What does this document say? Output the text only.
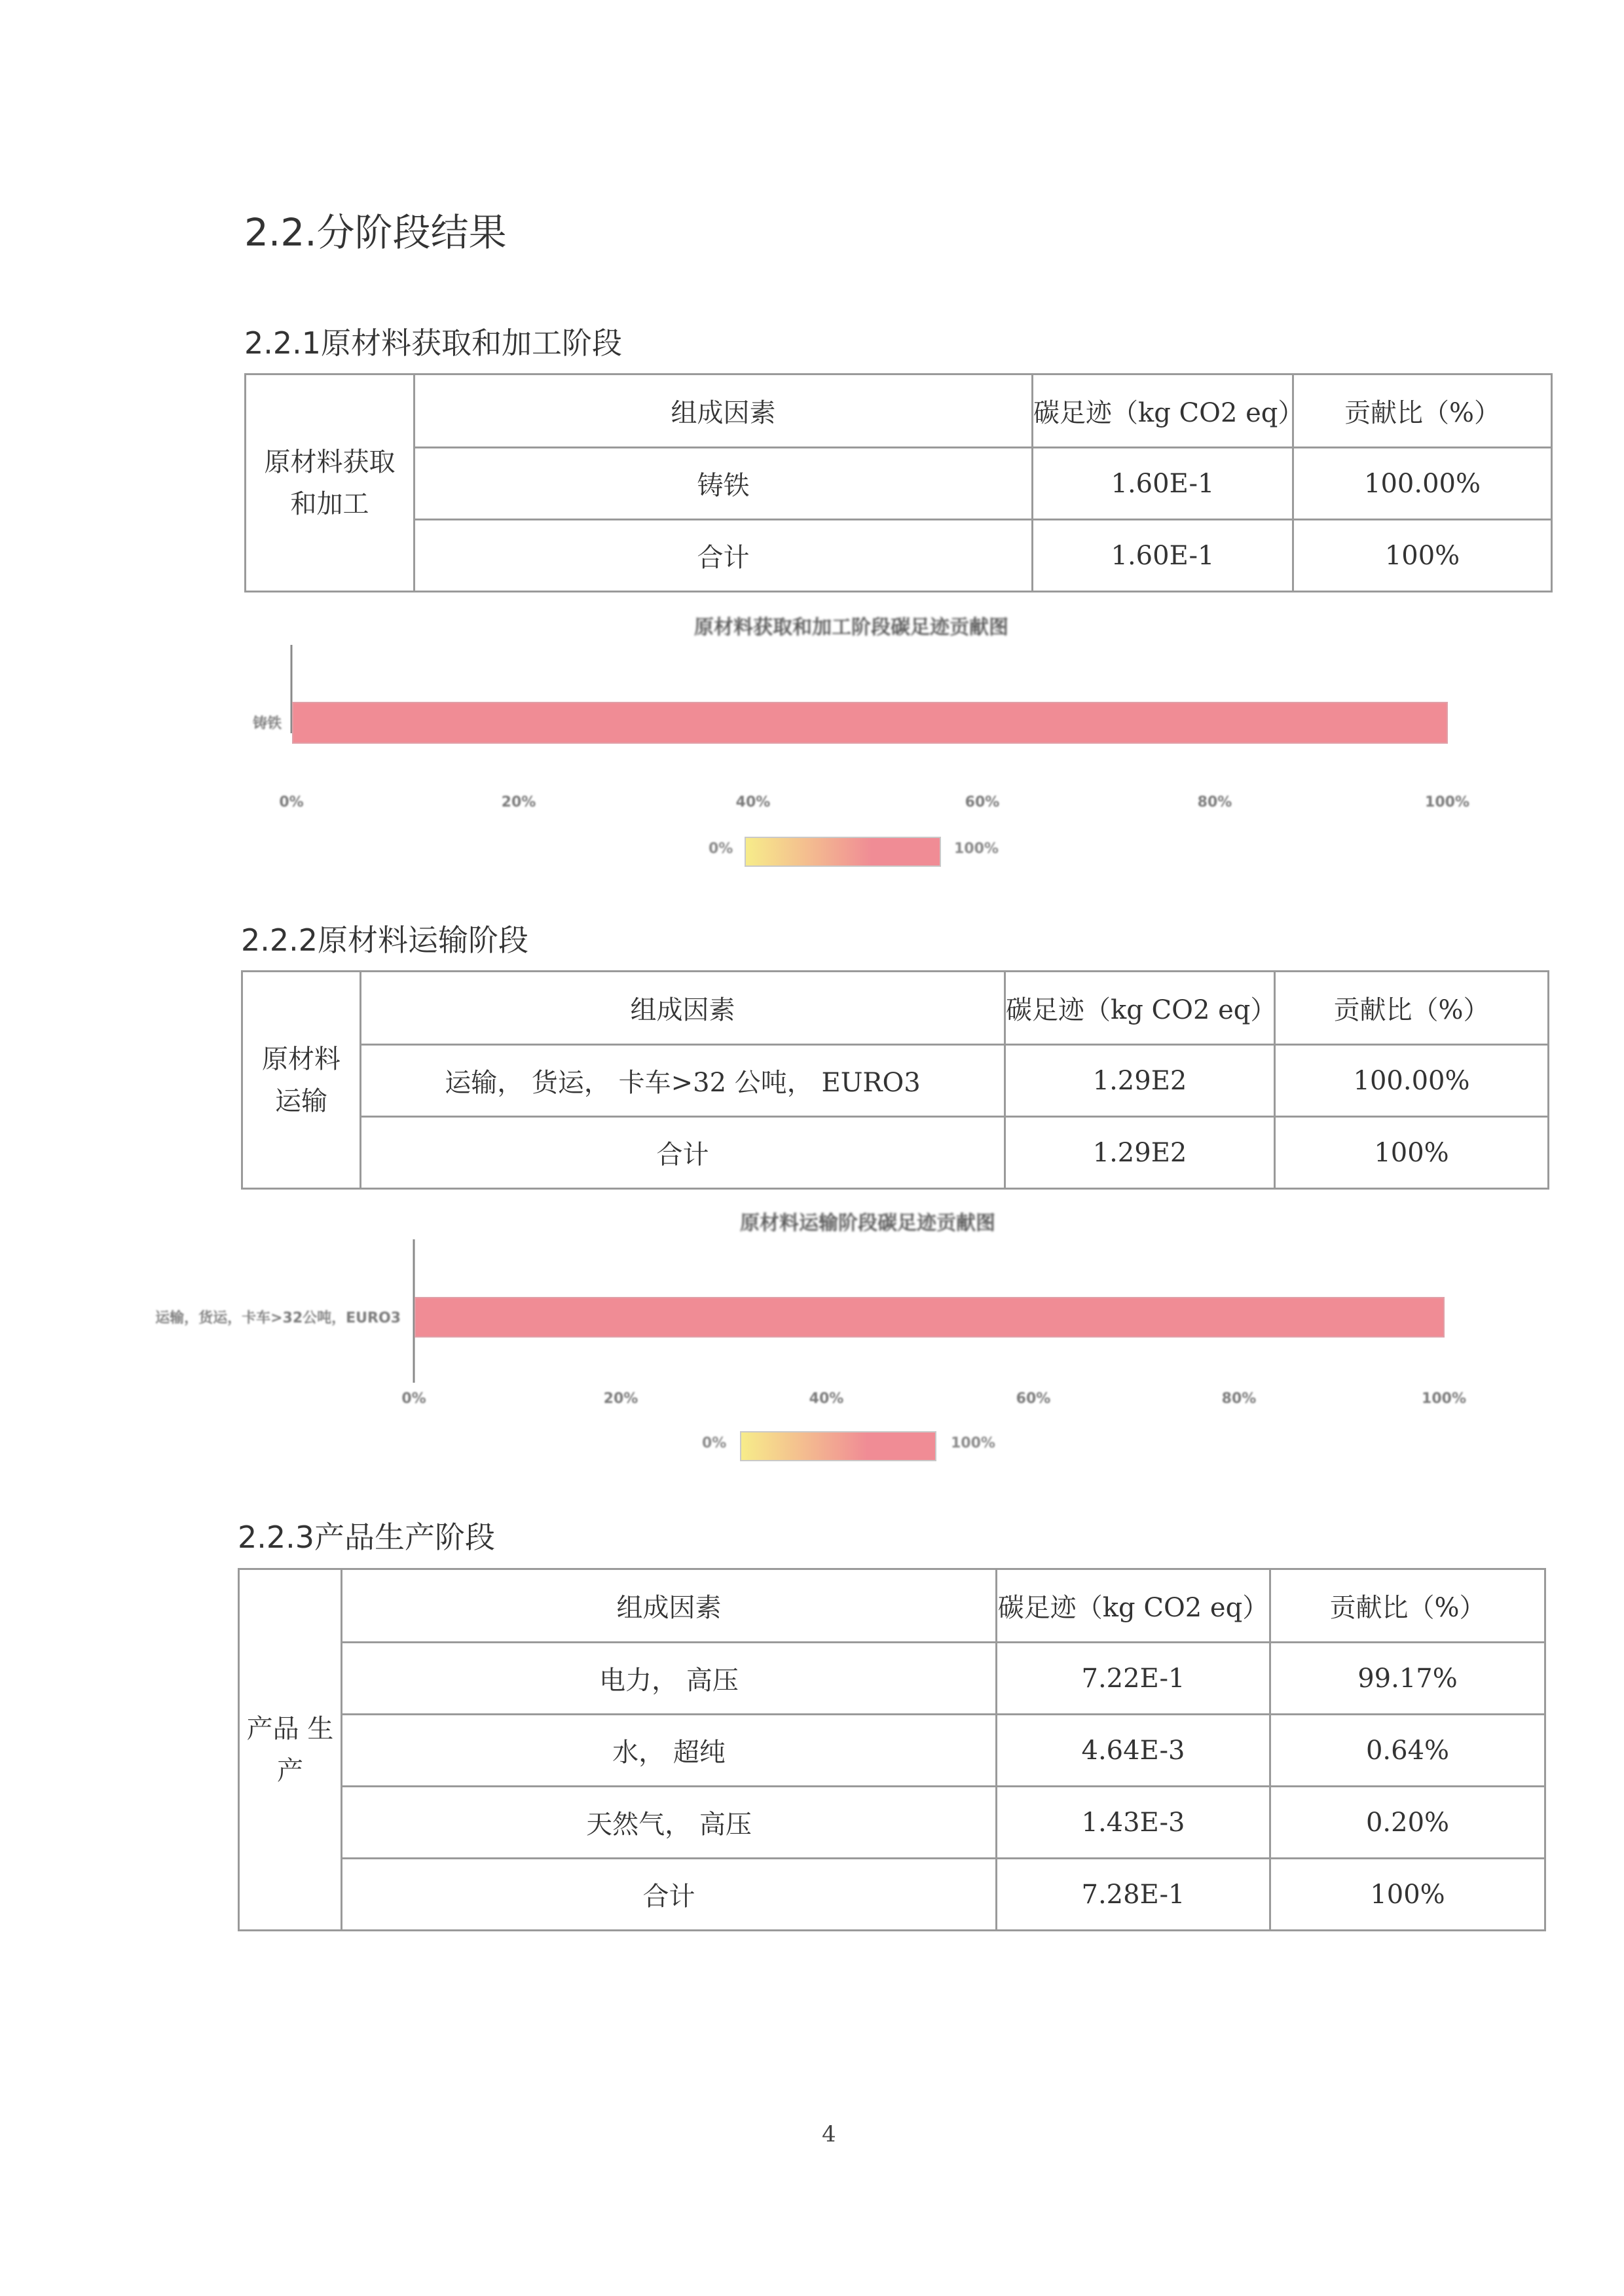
2.2.分阶段结果
2.2.1原材料获取和加工阶段
原材料获取
和加工	组成因素	碳足迹（kg CO2 eq）	贡献比（%）
	铸铁	1.60E-1	100.00%
	合计	1.60E-1	100%
原材料获取和加工阶段碳足迹贡献图
铸铁
0%	20%	40%	60%	80%	100%
运输，货运，卡车>32公吨，EURO3
0%	20%	40%	60%	80%	100%
0%	100%
2.2.2原材料运输阶段
原材料
运输	组成因素	碳足迹（kg CO2 eq）	贡献比（%）
	运输， 货运， 卡车>32 公吨， EURO3	1.29E2	100.00%
	合计	1.29E2	100%
原材料运输阶段碳足迹贡献图
0%	100%
2.2.3产品生产阶段
产品 生
产	组成因素	碳足迹（kg CO2 eq）	贡献比（%）
	电力， 高压	7.22E-1	99.17%
	水， 超纯	4.64E-3	0.64%
	天然气， 高压	1.43E-3	0.20%
	合计	7.28E-1	100%
4
